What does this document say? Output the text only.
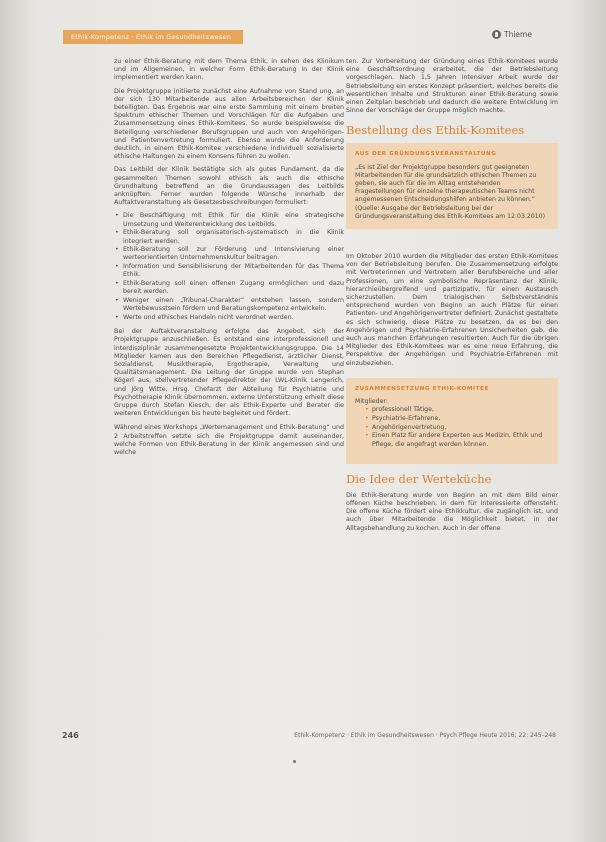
Ethik-Kompetenz · Ethik im Gesundheitswesen	Thieme

zu einer Ethik-Beratung mit dem Thema Ethik, in sehen des Klinikum und im Allgemeinen, in welcher Form Ethik-Beratung in der Klinik implementiert werden kann.

Die Projektgruppe initiierte zunächst eine Aufnahme von Stand ung, an der sich 130 Mitarbeitende aus allen Arbeitsbereichen der Klinik beteiligten. Das Ergebnis war eine erste Sammlung mit einem breiten Spektrum ethischer Themen und Vorschlägen für die Aufgaben und Zusammensetzung eines Ethik-Komitees. So wurde beispielsweise die Beteiligung verschiedener Berufsgruppen und auch von Angehörigen- und Patientenvertretung formuliert. Ebenso wurde die Anforderung deutlich, in einem Ethik-Komitee verschiedene individuell sozialisierte ethische Haltungen zu einem Konsens führen zu wollen.

Das Leitbild der Klinik bestätigte sich als gutes Fundament, da die gesammelten Themen sowohl ethisch als auch die ethische Grundhaltung betreffend an die Grundaussagen des Leitbilds anknüpften. Ferner wurden folgende Wünsche innerhalb der Auftaktveranstaltung als Gesetzesbeschreibungen formuliert:

• Die Beschäftigung mit Ethik für die Klinik eine strategische Umsetzung und Weiterentwicklung des Leitbilds.
• Ethik-Beratung soll organisatorisch-systematisch in die Klinik integriert werden.
• Ethik-Beratung soll zur Förderung und Intensivierung einer werteorientierten Unternehmenskultur beitragen.
• Information und Sensibilisierung der Mitarbeitenden für das Thema Ethik.
• Ethik-Beratung soll einen offenen Zugang ermöglichen und dazu bereit werden.
• Weniger einen „Tribunal-Charakter“ entstehen lassen, sondern Wertebewusstsein fördern und Beratungskompetenz entwickeln.
• Werte und ethisches Handeln nicht verordnet werden.

Bei der Auftaktveranstaltung erfolgte das Angebot, sich der Projektgruppe anzuschließen. Es entstand eine interprofessionell und interdisziplinär zusammengesetzte Projektentwicklungsgruppe. Die 14 Mitglieder kamen aus den Bereichen Pflegedienst, ärztlicher Dienst, Sozialdienst, Musiktherapie, Ergotherapie, Verwaltung und Qualitätsmanagement. Die Leitung der Gruppe wurde von Stephan Kögerl aus, stellvertretender Pflegedirektor der LWL-Klinik Lengerich, und Jörg Witte, Hrsg. Chefarzt der Abteilung für Psychiatrie und Psychotherapie Klinik übernommen, externe Unterstützung erhielt diese Gruppe durch Stefan Kiesch, der als Ethik-Experte und Berater die weiteren Entwicklungen bis heute begleitet und fördert.

Während eines Workshops „Wertemanagement und Ethik-Beratung“ und 2 Arbeitstreffen setzte sich die Projektgruppe damit auseinander, welche Formen von Ethik-Beratung in der Klinik angemessen sind und welche

ten. Zur Vorbereitung der Gründung eines Ethik-Komitees wurde eine Geschäftsordnung erarbeitet, die der Betriebsleitung vorgeschlagen. Nach 1,5 Jahren intensiver Arbeit wurde der Betriebsleitung ein erstes Konzept präsentiert, welches bereits die wesentlichen Inhalte und Strukturen einer Ethik-Beratung sowie einen Zeitplan beschrieb und dadurch die weitere Entwicklung im Sinne der Vorschläge der Gruppe möglich machte.

Bestellung des Ethik-Komitees
AUS DER GRÜNDUNGSVERANSTALTUNG
„Es ist Ziel der Projektgruppe besonders gut geeigneten Mitarbeitenden für die grundsätzlich ethischen Themen zu geben, sie auch für die im Alltag entstehenden Fragestellungen für einzelne therapeutischen Teams nicht angemessenen Entscheidungshilfen anbieten zu können.“
(Quelle: Ausgabe der Betriebsleitung bei der Gründungsveranstaltung des Ethik-Komitees am 12.03.2010)

Im Oktober 2010 wurden die Mitglieder des ersten Ethik-Komitees von der Betriebsleitung berufen. Die Zusammensetzung erfolgte mit Vertreterinnen und Vertretern aller Berufsbereiche und aller Professionen, um eine symbolische Repräsentanz der Klinik, hierarchieübergreifend und partizipativ, für einen Austausch sicherzustellen. Dem trialogischen Selbstverständnis entsprechend wurden von Beginn an auch Plätze für einen Patienten- und Angehörigenvertreter definiert. Zunächst gestaltete es sich schwierig, diese Plätze zu besetzen, da es bei den Angehörigen und Psychiatrie-Erfahrenen Unsicherheiten gab, die auch aus manchen Erfahrungen resultierten. Auch für die übrigen Mitglieder des Ethik-Komitees war es eine neue Erfahrung, die Perspektive der Angehörigen und Psychiatrie-Erfahrenen mit einzubeziehen.

ZUSAMMENSETZUNG ETHIK-KOMITEE
Mitglieder:
• professionell Tätige,
• Psychiatrie-Erfahrene,
• Angehörigenvertretung,
• Einen Platz für andere Experten aus Medizin, Ethik und Pflege, die angefragt werden können.
Die Idee der Werteküche

Die Ethik-Beratung wurde von Beginn an mit dem Bild einer offenen Küche beschrieben, in dem für Interessierte offensteht. Die offene Küche fördert eine Ethikkultur, die zugänglich ist, und auch über Mitarbeitende die Möglichkeit bietet, in der Alltagsbehandlung zu kochen. Auch in der offene

246	Ethik-Kompetenz · Ethik im Gesundheitswesen · Psych Pflege Heute 2016; 22: 245–248
